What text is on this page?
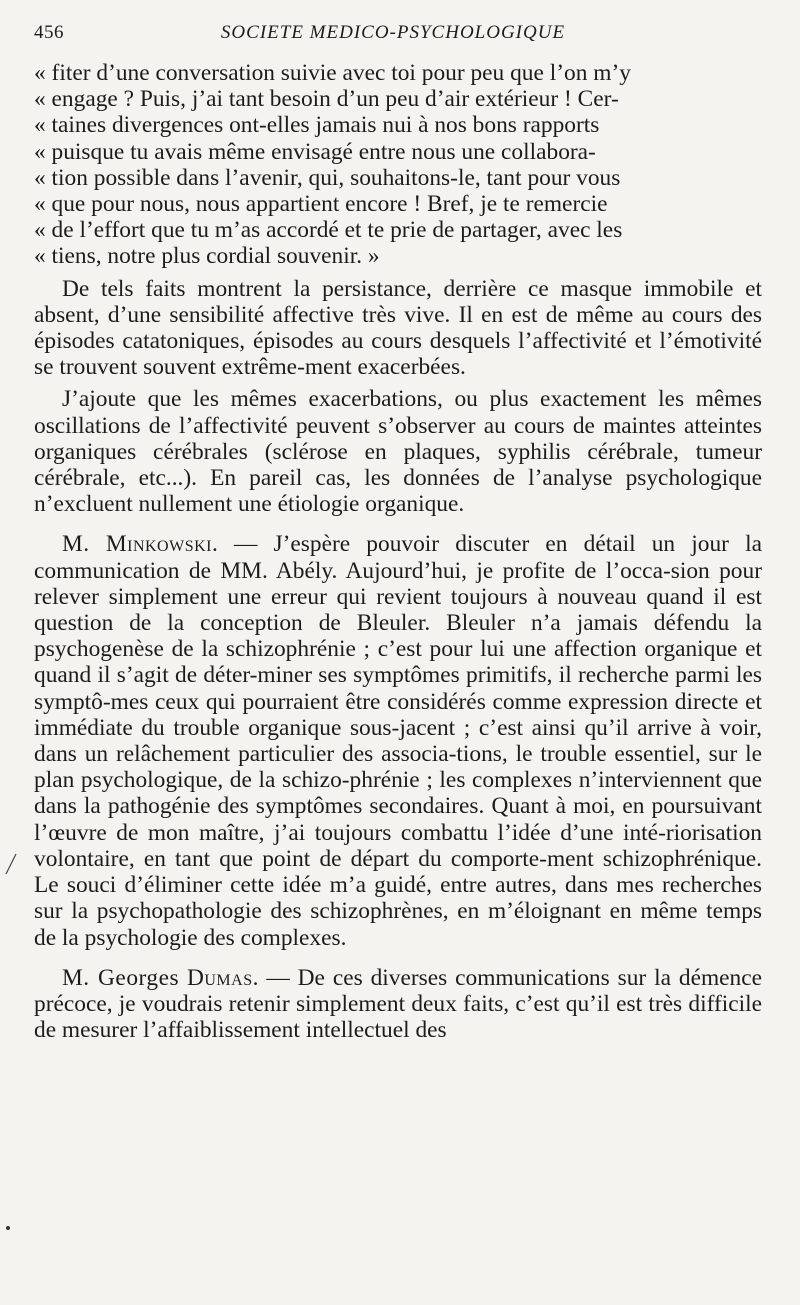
456	SOCIETE MEDICO-PSYCHOLOGIQUE

« fiter d’une conversation suivie avec toi pour peu que l’on m’y
« engage ? Puis, j’ai tant besoin d’un peu d’air extérieur ! Cer-
« taines divergences ont-elles jamais nui à nos bons rapports
« puisque tu avais même envisagé entre nous une collabora-
« tion possible dans l’avenir, qui, souhaitons-le, tant pour vous
« que pour nous, nous appartient encore ! Bref, je te remercie
« de l’effort que tu m’as accordé et te prie de partager, avec les
« tiens, notre plus cordial souvenir. »

De tels faits montrent la persistance, derrière ce masque immobile et absent, d’une sensibilité affective très vive. Il en est de même au cours des épisodes catatoniques, épisodes au cours desquels l’affectivité et l’émotivité se trouvent souvent extrême-ment exacerbées.

J’ajoute que les mêmes exacerbations, ou plus exactement les mêmes oscillations de l’affectivité peuvent s’observer au cours de maintes atteintes organiques cérébrales (sclérose en plaques, syphilis cérébrale, tumeur cérébrale, etc...). En pareil cas, les données de l’analyse psychologique n’excluent nullement une étiologie organique.

M. Minkowski. — J’espère pouvoir discuter en détail un jour la communication de MM. Abély. Aujourd’hui, je profite de l’occa-sion pour relever simplement une erreur qui revient toujours à nouveau quand il est question de la conception de Bleuler. Bleuler n’a jamais défendu la psychogenèse de la schizophrénie ; c’est pour lui une affection organique et quand il s’agit de déter-miner ses symptômes primitifs, il recherche parmi les symptô-mes ceux qui pourraient être considérés comme expression directe et immédiate du trouble organique sous-jacent ; c’est ainsi qu’il arrive à voir, dans un relâchement particulier des associa-tions, le trouble essentiel, sur le plan psychologique, de la schizo-phrénie ; les complexes n’interviennent que dans la pathogénie des symptômes secondaires. Quant à moi, en poursuivant l’œuvre de mon maître, j’ai toujours combattu l’idée d’une inté-riorisation volontaire, en tant que point de départ du comporte-ment schizophrénique. Le souci d’éliminer cette idée m’a guidé, entre autres, dans mes recherches sur la psychopathologie des schizophrènes, en m’éloignant en même temps de la psychologie des complexes.

M. Georges Dumas. — De ces diverses communications sur la démence précoce, je voudrais retenir simplement deux faits, c’est qu’il est très difficile de mesurer l’affaiblissement intellectuel des
